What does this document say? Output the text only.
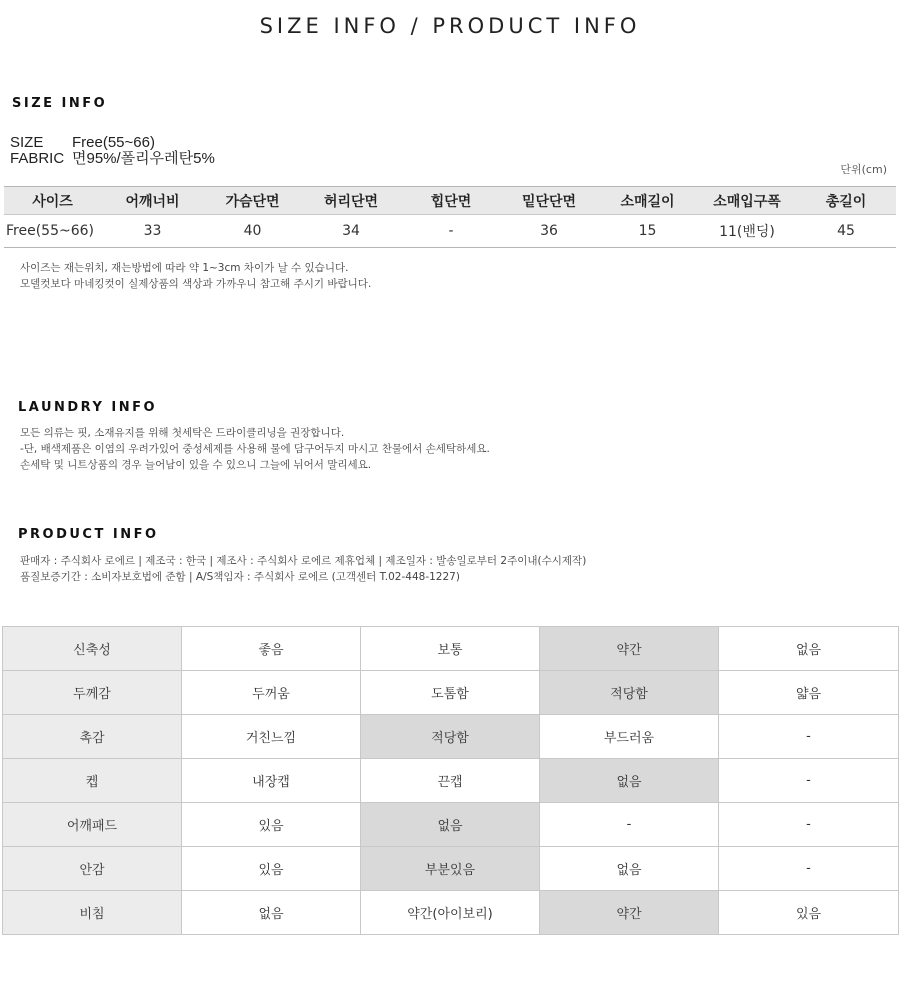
SIZE INFO / PRODUCT INFO
SIZE INFO
SIZE Free(55~66)
FABRIC 면95%/폴리우레탄5%
단위(cm)
사이즈	어깨너비	가슴단면	허리단면	힙단면	밑단단면	소매길이	소매입구폭	총길이
Free(55~66)	33	40	34	-	36	15	11(밴딩)	45
사이즈는 재는위치, 재는방법에 따라 약 1~3cm 차이가 날 수 있습니다.
모델컷보다 마네킹컷이 실제상품의 색상과 가까우니 참고해 주시기 바랍니다.
LAUNDRY INFO
모든 의류는 핏, 소재유지를 위해 첫세탁은 드라이클리닝을 권장합니다.
-단, 배색제품은 이염의 우려가있어 중성세제를 사용해 물에 담구어두지 마시고 찬물에서 손세탁하세요.
손세탁 및 니트상품의 경우 늘어남이 있을 수 있으니 그늘에 뉘어서 말리세요.
PRODUCT INFO
판매자 : 주식회사 로에르 | 제조국 : 한국 | 제조사 : 주식회사 로에르 제휴업체 | 제조일자 : 발송일로부터 2주이내(수시제작)
품질보증기간 : 소비자보호법에 준함 | A/S책임자 : 주식회사 로에르 (고객센터 T.02-448-1227)
신축성	좋음	보통	약간	없음
두께감	두꺼움	도톰함	적당함	얇음
촉감	거친느낌	적당함	부드러움	-
켑	내장캡	끈캡	없음	-
어깨패드	있음	없음	-	-
안감	있음	부분있음	없음	-
비침	없음	약간(아이보리)	약간	있음
